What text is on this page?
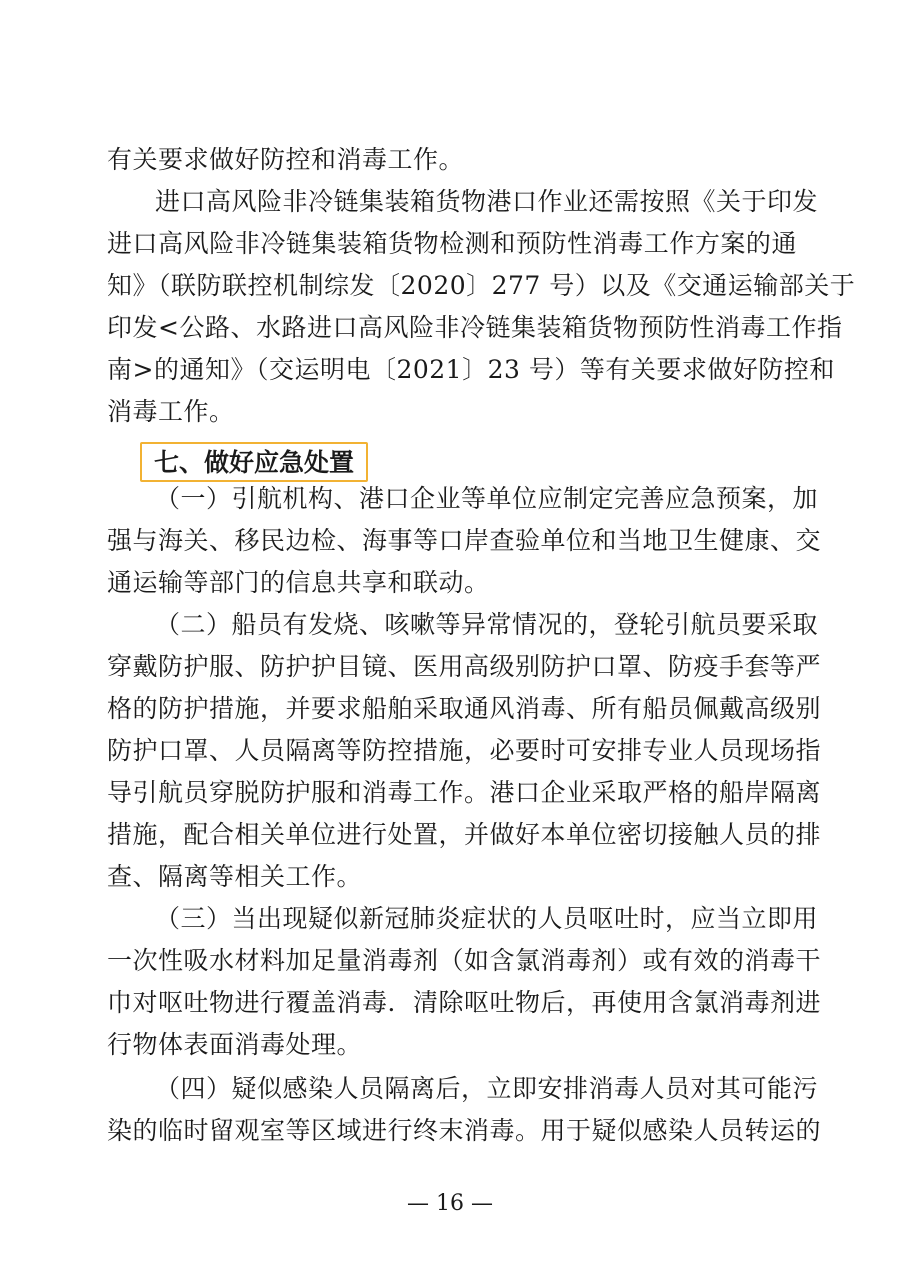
有关要求做好防控和消毒工作。
进口高风险非冷链集装箱货物港口作业还需按照《关于印发
进口高风险非冷链集装箱货物检测和预防性消毒工作方案的通
知》（联防联控机制综发〔2020〕277 号）以及《交通运输部关于
印发<公路、水路进口高风险非冷链集装箱货物预防性消毒工作指
南>的通知》（交运明电〔2021〕23 号）等有关要求做好防控和
消毒工作。
七、做好应急处置
（一）引航机构、港口企业等单位应制定完善应急预案，加
强与海关、移民边检、海事等口岸查验单位和当地卫生健康、交
通运输等部门的信息共享和联动。
（二）船员有发烧、咳嗽等异常情况的，登轮引航员要采取
穿戴防护服、防护护目镜、医用高级别防护口罩、防疫手套等严
格的防护措施，并要求船舶采取通风消毒、所有船员佩戴高级别
防护口罩、人员隔离等防控措施，必要时可安排专业人员现场指
导引航员穿脱防护服和消毒工作。港口企业采取严格的船岸隔离
措施，配合相关单位进行处置，并做好本单位密切接触人员的排
查、隔离等相关工作。
（三）当出现疑似新冠肺炎症状的人员呕吐时，应当立即用
一次性吸水材料加足量消毒剂（如含氯消毒剂）或有效的消毒干
巾对呕吐物进行覆盖消毒．清除呕吐物后，再使用含氯消毒剂进
行物体表面消毒处理。
（四）疑似感染人员隔离后，立即安排消毒人员对其可能污
染的临时留观室等区域进行终末消毒。用于疑似感染人员转运的
— 16 —
